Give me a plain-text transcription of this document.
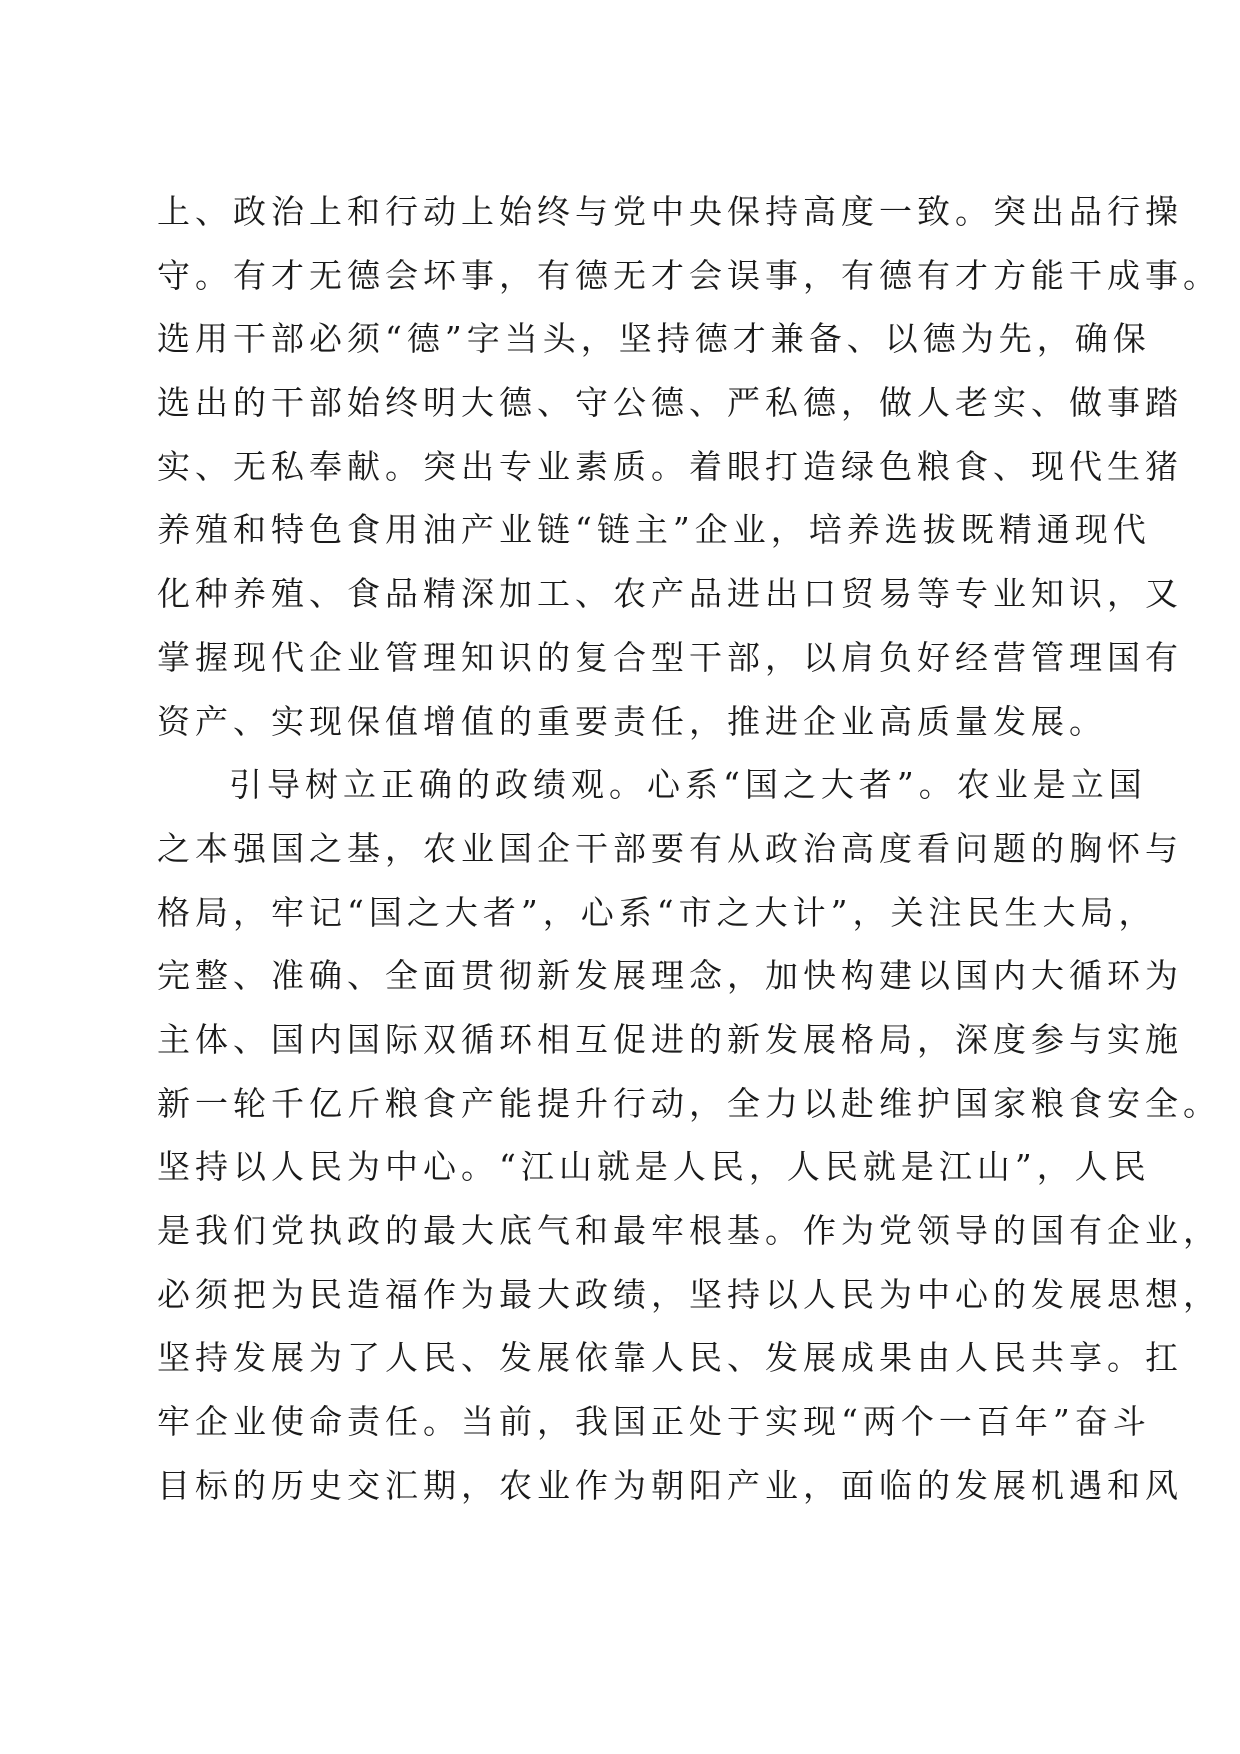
上、政治上和行动上始终与党中央保持高度一致。突出品行操
守。有才无德会坏事，有德无才会误事，有德有才方能干成事。
选用干部必须“德”字当头，坚持德才兼备、以德为先，确保
选出的干部始终明大德、守公德、严私德，做人老实、做事踏
实、无私奉献。突出专业素质。着眼打造绿色粮食、现代生猪
养殖和特色食用油产业链“链主”企业，培养选拔既精通现代
化种养殖、食品精深加工、农产品进出口贸易等专业知识，又
掌握现代企业管理知识的复合型干部，以肩负好经营管理国有
资产、实现保值增值的重要责任，推进企业高质量发展。
引导树立正确的政绩观。心系“国之大者”。农业是立国
之本强国之基，农业国企干部要有从政治高度看问题的胸怀与
格局，牢记“国之大者”，心系“市之大计”，关注民生大局，
完整、准确、全面贯彻新发展理念，加快构建以国内大循环为
主体、国内国际双循环相互促进的新发展格局，深度参与实施
新一轮千亿斤粮食产能提升行动，全力以赴维护国家粮食安全。
坚持以人民为中心。“江山就是人民，人民就是江山”，人民
是我们党执政的最大底气和最牢根基。作为党领导的国有企业，
必须把为民造福作为最大政绩，坚持以人民为中心的发展思想，
坚持发展为了人民、发展依靠人民、发展成果由人民共享。扛
牢企业使命责任。当前，我国正处于实现“两个一百年”奋斗
目标的历史交汇期，农业作为朝阳产业，面临的发展机遇和风
